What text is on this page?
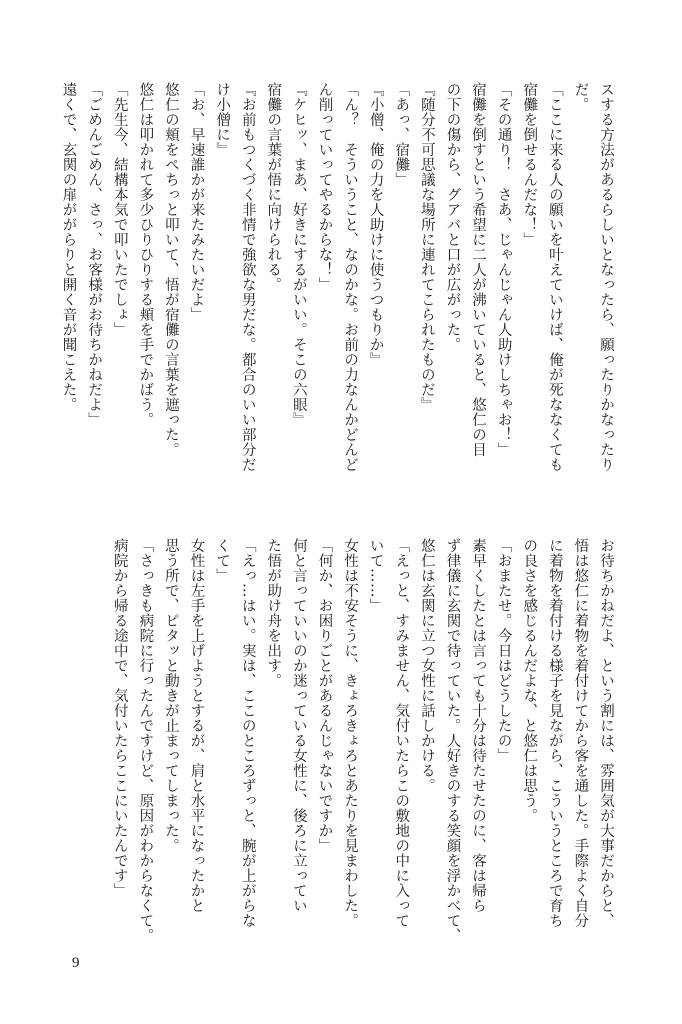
スする方法があるらしいとなったら、願ったりかなったり
だ。
「ここに来る人の願いを叶えていけば、俺が死ななくても
宿儺を倒せるんだな！」
「その通り！　さあ、じゃんじゃん人助けしちゃお！」
宿儺を倒すという希望に二人が沸いていると、悠仁の目
の下の傷から、グアバと口が広がった。
『随分不可思議な場所に連れてこられたものだ』
「あっ、宿儺」
『小僧、俺の力を人助けに使うつもりか』
「ん？　そういうこと、なのかな。お前の力なんかどんど
ん削っていってやるからな！」
『ケヒッ、まあ、好きにするがいい。そこの六眼』
宿儺の言葉が悟に向けられる。
『お前もつくづく非情で強欲な男だな。都合のいい部分だ
け小僧に』
「お、早速誰かが来たみたいだよ」
悠仁の頬をぺちっと叩いて、悟が宿儺の言葉を遮った。
悠仁は叩かれて多少ひりひりする頬を手でかばう。
「先生今、結構本気で叩いたでしょ」
「ごめんごめん、さっ、お客様がお待ちかねだよ」
遠くで、玄関の扉ががらりと開く音が聞こえた。
お待ちかねだよ、という割には、雰囲気が大事だからと、
悟は悠仁に着物を着付けてから客を通した。手際よく自分
に着物を着付ける様子を見ながら、こういうところで育ち
の良さを感じるんだよな、と悠仁は思う。
「おまたせ。今日はどうしたの」
素早くしたとは言っても十分は待たせたのに、客は帰ら
ず律儀に玄関で待っていた。人好きのする笑顔を浮かべて、
悠仁は玄関に立つ女性に話しかける。
「えっと、すみません、気付いたらこの敷地の中に入って
いて……」
女性は不安そうに、きょろきょろとあたりを見まわした。
「何か、お困りごとがあるんじゃないですか」
何と言っていいのか迷っている女性に、後ろに立ってい
た悟が助け舟を出す。
「えっ…はい。実は、ここのところずっと、腕が上がらな
くて」
女性は左手を上げようとするが、肩と水平になったかと
思う所で、ピタッと動きが止まってしまった。
「さっきも病院に行ったんですけど、原因がわからなくて。
病院から帰る途中で、気付いたらここにいたんです」
9
